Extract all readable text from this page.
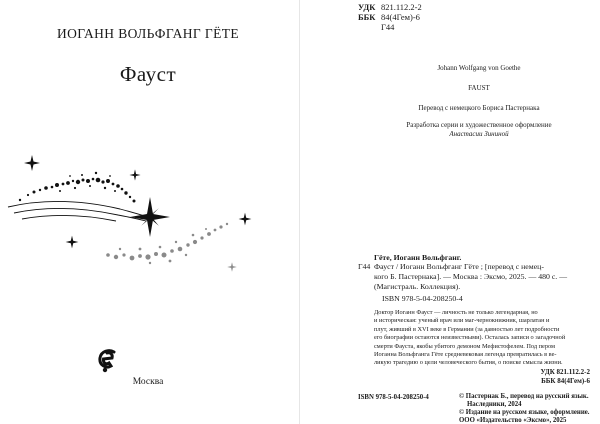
ИОГАНН ВОЛЬФГАНГ ГЁТЕ
Фауст
Москва
УДК 821.112.2-2
ББК 84(4Гем)-6
Г44
Johann Wolfgang von Goethe
FAUST
Перевод с немецкого Бориса Пастернака
Разработка серии и художественное оформление
Анастасии Зининой
Гёте, Иоганн Вольфганг.
Г44 Фауст / Иоганн Вольфганг Гёте ; [перевод с немец-
кого Б. Пастернака]. — Москва : Эксмо, 2025. — 480 с. —
(Магистраль. Коллекция).
ISBN 978-5-04-208250-4
Доктор Иоганн Фауст — личность не только легендарная, но
и историческая: ученый врач или маг-чернокнижник, шарлатан и
плут, живший в XVI веке в Германии (за давностью лет подробности
его биографии остаются неизвестными). Осталась записи о загадочной
смерти Фауста, якобы убитого демоном Мефистофелем. Под пером
Иоганна Вольфганга Гёте средневековая легенда превратилась в ве-
ликую трагедию о цели человеческого бытия, о поиске смысла жизни.
УДК 821.112.2-2
ББК 84(4Гем)-6
ISBN 978-5-04-208250-4	© Пастернак Б., перевод на русский язык.
Наследники, 2024
© Издание на русском языке, оформление.
ООО «Издательство «Эксмо», 2025
